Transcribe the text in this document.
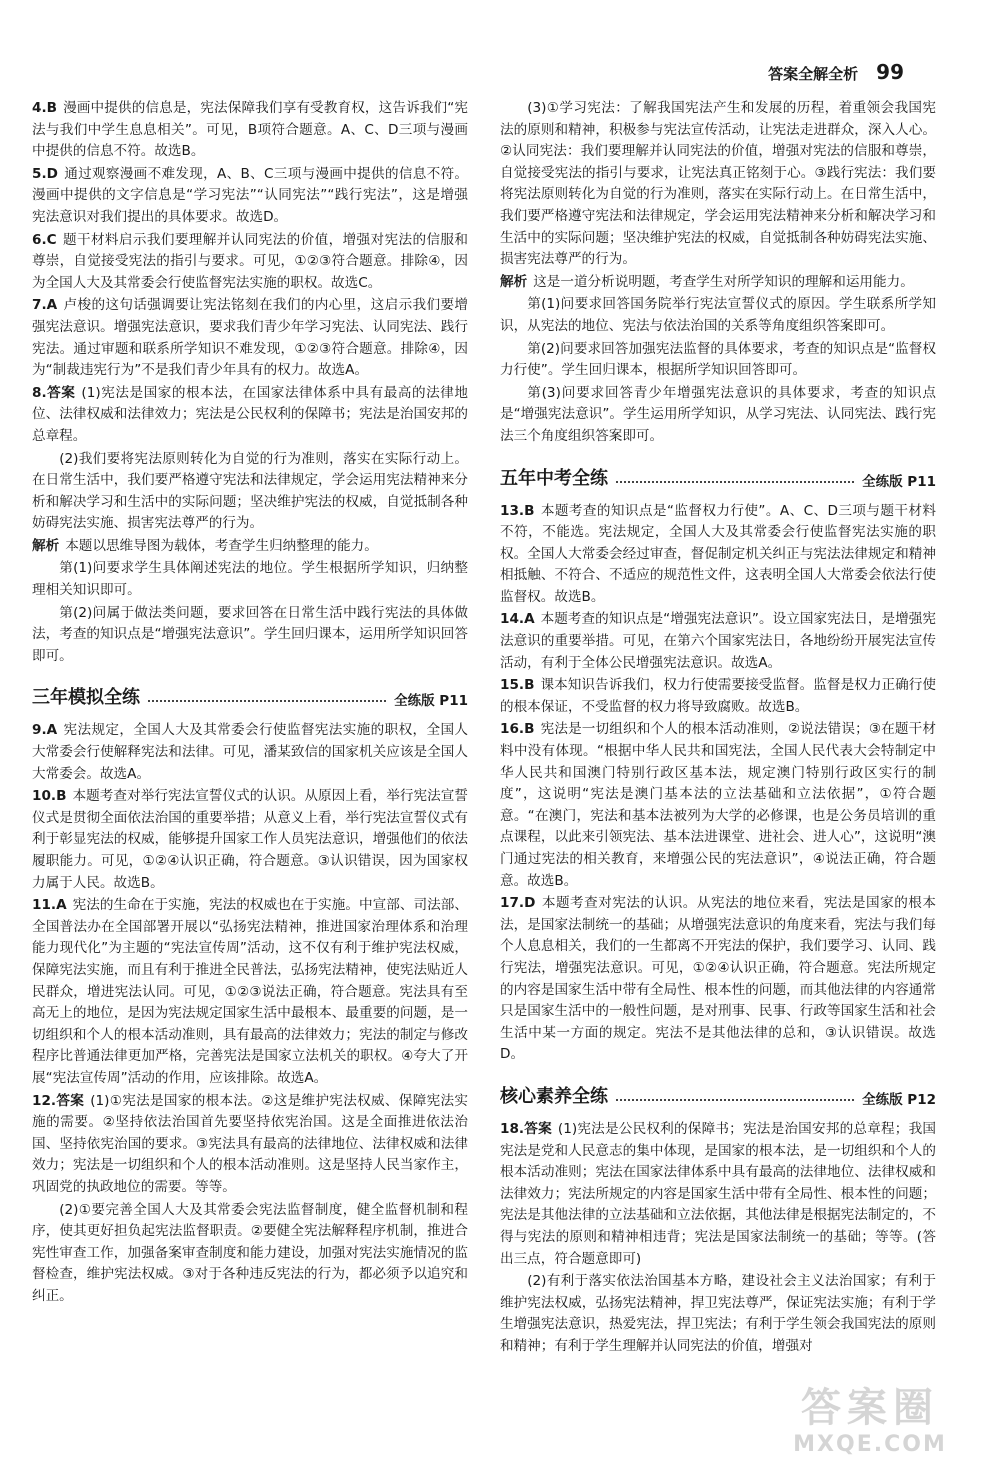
答案全解全析 99

4.B 漫画中提供的信息是，宪法保障我们享有受教育权，这告诉我们“宪法与我们中学生息息相关”。可见，B项符合题意。A、C、D三项与漫画中提供的信息不符。故选B。

5.D 通过观察漫画不难发现，A、B、C三项与漫画中提供的信息不符。漫画中提供的文字信息是“学习宪法”“认同宪法”“践行宪法”，这是增强宪法意识对我们提出的具体要求。故选D。

6.C 题干材料启示我们要理解并认同宪法的价值，增强对宪法的信服和尊崇，自觉接受宪法的指引与要求。可见，①②③符合题意。排除④，因为全国人大及其常委会行使监督宪法实施的职权。故选C。

7.A 卢梭的这句话强调要让宪法铭刻在我们的内心里，这启示我们要增强宪法意识。增强宪法意识，要求我们青少年学习宪法、认同宪法、践行宪法。通过审题和联系所学知识不难发现，①②③符合题意。排除④，因为“制裁违宪行为”不是我们青少年具有的权力。故选A。

8.答案 (1)宪法是国家的根本法，在国家法律体系中具有最高的法律地位、法律权威和法律效力；宪法是公民权利的保障书；宪法是治国安邦的总章程。

(2)我们要将宪法原则转化为自觉的行为准则，落实在实际行动上。在日常生活中，我们要严格遵守宪法和法律规定，学会运用宪法精神来分析和解决学习和生活中的实际问题；坚决维护宪法的权威，自觉抵制各种妨碍宪法实施、损害宪法尊严的行为。

解析 本题以思维导图为载体，考查学生归纳整理的能力。

第(1)问要求学生具体阐述宪法的地位。学生根据所学知识，归纳整理相关知识即可。

第(2)问属于做法类问题，要求回答在日常生活中践行宪法的具体做法，考查的知识点是“增强宪法意识”。学生回归课本，运用所学知识回答即可。

三年模拟全练	全练版 P11

9.A 宪法规定，全国人大及其常委会行使监督宪法实施的职权，全国人大常委会行使解释宪法和法律。可见，潘某致信的国家机关应该是全国人大常委会。故选A。

10.B 本题考查对举行宪法宣誓仪式的认识。从原因上看，举行宪法宣誓仪式是贯彻全面依法治国的重要举措；从意义上看，举行宪法宣誓仪式有利于彰显宪法的权威，能够提升国家工作人员宪法意识，增强他们的依法履职能力。可见，①②④认识正确，符合题意。③认识错误，因为国家权力属于人民。故选B。

11.A 宪法的生命在于实施，宪法的权威也在于实施。中宣部、司法部、全国普法办在全国部署开展以“弘扬宪法精神，推进国家治理体系和治理能力现代化”为主题的“宪法宣传周”活动，这不仅有利于维护宪法权威，保障宪法实施，而且有利于推进全民普法，弘扬宪法精神，使宪法贴近人民群众，增进宪法认同。可见，①②③说法正确，符合题意。宪法具有至高无上的地位，是因为宪法规定国家生活中最根本、最重要的问题，是一切组织和个人的根本活动准则，具有最高的法律效力；宪法的制定与修改程序比普通法律更加严格，完善宪法是国家立法机关的职权。④夸大了开展“宪法宣传周”活动的作用，应该排除。故选A。

12.答案 (1)①宪法是国家的根本法。②这是维护宪法权威、保障宪法实施的需要。②坚持依法治国首先要坚持依宪治国。这是全面推进依法治国、坚持依宪治国的要求。③宪法具有最高的法律地位、法律权威和法律效力；宪法是一切组织和个人的根本活动准则。这是坚持人民当家作主，巩固党的执政地位的需要。等等。

(2)①要完善全国人大及其常委会宪法监督制度，健全监督机制和程序，使其更好担负起宪法监督职责。②要健全宪法解释程序机制，推进合宪性审查工作，加强备案审查制度和能力建设，加强对宪法实施情况的监督检查，维护宪法权威。③对于各种违反宪法的行为，都必须予以追究和纠正。

(3)①学习宪法：了解我国宪法产生和发展的历程，着重领会我国宪法的原则和精神，积极参与宪法宣传活动，让宪法走进群众，深入人心。②认同宪法：我们要理解并认同宪法的价值，增强对宪法的信服和尊崇，自觉接受宪法的指引与要求，让宪法真正铭刻于心。③践行宪法：我们要将宪法原则转化为自觉的行为准则，落实在实际行动上。在日常生活中，我们要严格遵守宪法和法律规定，学会运用宪法精神来分析和解决学习和生活中的实际问题；坚决维护宪法的权威，自觉抵制各种妨碍宪法实施、损害宪法尊严的行为。

解析 这是一道分析说明题，考查学生对所学知识的理解和运用能力。

第(1)问要求回答国务院举行宪法宣誓仪式的原因。学生联系所学知识，从宪法的地位、宪法与依法治国的关系等角度组织答案即可。

第(2)问要求回答加强宪法监督的具体要求，考查的知识点是“监督权力行使”。学生回归课本，根据所学知识回答即可。

第(3)问要求回答青少年增强宪法意识的具体要求，考查的知识点是“增强宪法意识”。学生运用所学知识，从学习宪法、认同宪法、践行宪法三个角度组织答案即可。

五年中考全练	全练版 P11

13.B 本题考查的知识点是“监督权力行使”。A、C、D三项与题干材料不符，不能选。宪法规定，全国人大及其常委会行使监督宪法实施的职权。全国人大常委会经过审查，督促制定机关纠正与宪法法律规定和精神相抵触、不符合、不适应的规范性文件，这表明全国人大常委会依法行使监督权。故选B。

14.A 本题考查的知识点是“增强宪法意识”。设立国家宪法日，是增强宪法意识的重要举措。可见，在第六个国家宪法日，各地纷纷开展宪法宣传活动，有利于全体公民增强宪法意识。故选A。

15.B 课本知识告诉我们，权力行使需要接受监督。监督是权力正确行使的根本保证，不受监督的权力将导致腐败。故选B。

16.B 宪法是一切组织和个人的根本活动准则，②说法错误；③在题干材料中没有体现。“根据中华人民共和国宪法，全国人民代表大会特制定中华人民共和国澳门特别行政区基本法，规定澳门特别行政区实行的制度”，这说明“宪法是澳门基本法的立法基础和立法依据”，①符合题意。“在澳门，宪法和基本法被列为大学的必修课，也是公务员培训的重点课程，以此来引领宪法、基本法进课堂、进社会、进人心”，这说明“澳门通过宪法的相关教育，来增强公民的宪法意识”，④说法正确，符合题意。故选B。

17.D 本题考查对宪法的认识。从宪法的地位来看，宪法是国家的根本法，是国家法制统一的基础；从增强宪法意识的角度来看，宪法与我们每个人息息相关，我们的一生都离不开宪法的保护，我们要学习、认同、践行宪法，增强宪法意识。可见，①②④认识正确，符合题意。宪法所规定的内容是国家生活中带有全局性、根本性的问题，而其他法律的内容通常只是国家生活中的一般性问题，是对刑事、民事、行政等国家生活和社会生活中某一方面的规定。宪法不是其他法律的总和，③认识错误。故选D。

核心素养全练	全练版 P12

18.答案 (1)宪法是公民权利的保障书；宪法是治国安邦的总章程；我国宪法是党和人民意志的集中体现，是国家的根本法，是一切组织和个人的根本活动准则；宪法在国家法律体系中具有最高的法律地位、法律权威和法律效力；宪法所规定的内容是国家生活中带有全局性、根本性的问题；宪法是其他法律的立法基础和立法依据，其他法律是根据宪法制定的，不得与宪法的原则和精神相违背；宪法是国家法制统一的基础；等等。(答出三点，符合题意即可)

(2)有利于落实依法治国基本方略，建设社会主义法治国家；有利于维护宪法权威，弘扬宪法精神，捍卫宪法尊严，保证宪法实施；有利于学生增强宪法意识，热爱宪法，捍卫宪法；有利于学生领会我国宪法的原则和精神；有利于学生理解并认同宪法的价值，增强对

答案圈
MXQE.COM
